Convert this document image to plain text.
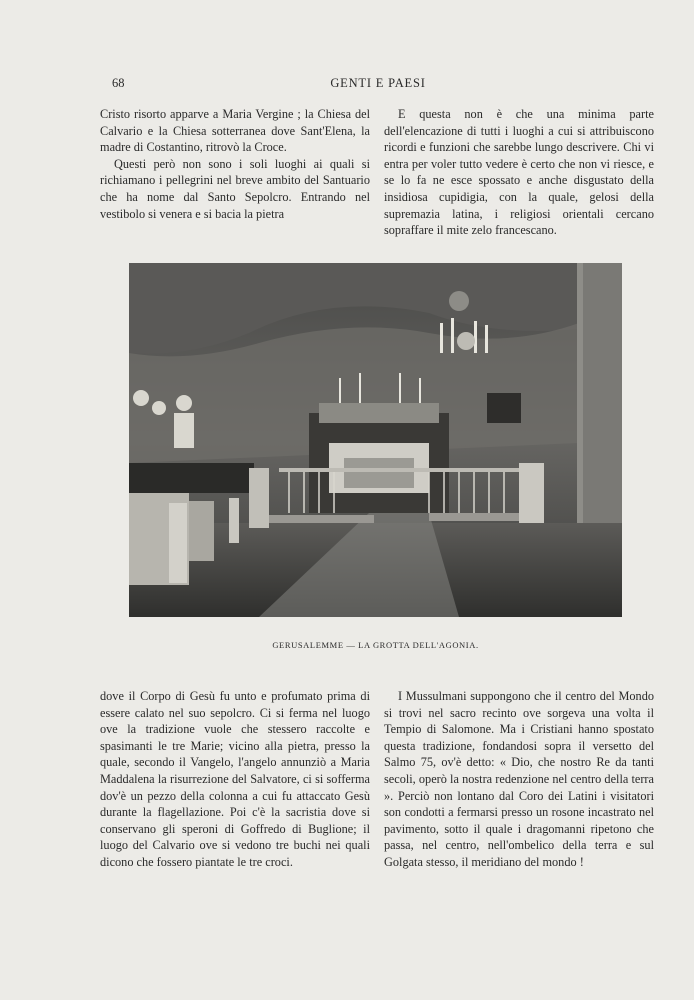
68	GENTI E PAESI

Cristo risorto apparve a Maria Vergine ; la Chiesa del Calvario e la Chiesa sotterranea dove Sant'Elena, la madre di Costantino, ritrovò la Croce.

Questi però non sono i soli luoghi ai quali si richiamano i pellegrini nel breve ambito del Santuario che ha nome dal Santo Sepolcro. Entrando nel vestibolo si venera e si bacia la pietra

E questa non è che una minima parte dell'elencazione di tutti i luoghi a cui si attribuiscono ricordi e funzioni che sarebbe lungo descrivere. Chi vi entra per voler tutto vedere è certo che non vi riesce, e se lo fa ne esce spossato e anche disgustato della insidiosa cupidigia, con la quale, gelosi della supremazia latina, i religiosi orientali cercano sopraffare il mite zelo francescano.

GERUSALEMME — LA GROTTA DELL'AGONIA.

dove il Corpo di Gesù fu unto e profumato prima di essere calato nel suo sepolcro. Ci si ferma nel luogo ove la tradizione vuole che stessero raccolte e spasimanti le tre Marie; vicino alla pietra, presso la quale, secondo il Vangelo, l'angelo annunziò a Maria Maddalena la risurrezione del Salvatore, ci si sofferma dov'è un pezzo della colonna a cui fu attaccato Gesù durante la flagellazione. Poi c'è la sacristia dove si conservano gli speroni di Goffredo di Buglione; il luogo del Calvario ove si vedono tre buchi nei quali dicono che fossero piantate le tre croci.

I Mussulmani suppongono che il centro del Mondo si trovi nel sacro recinto ove sorgeva una volta il Tempio di Salomone. Ma i Cristiani hanno spostato questa tradizione, fondandosi sopra il versetto del Salmo 75, ov'è detto: « Dio, che nostro Re da tanti secoli, operò la nostra redenzione nel centro della terra ». Perciò non lontano dal Coro dei Latini i visitatori son condotti a fermarsi presso un rosone incastrato nel pavimento, sotto il quale i dragomanni ripetono che passa, nel centro, nell'ombelico della terra e sul Golgata stesso, il meridiano del mondo !
